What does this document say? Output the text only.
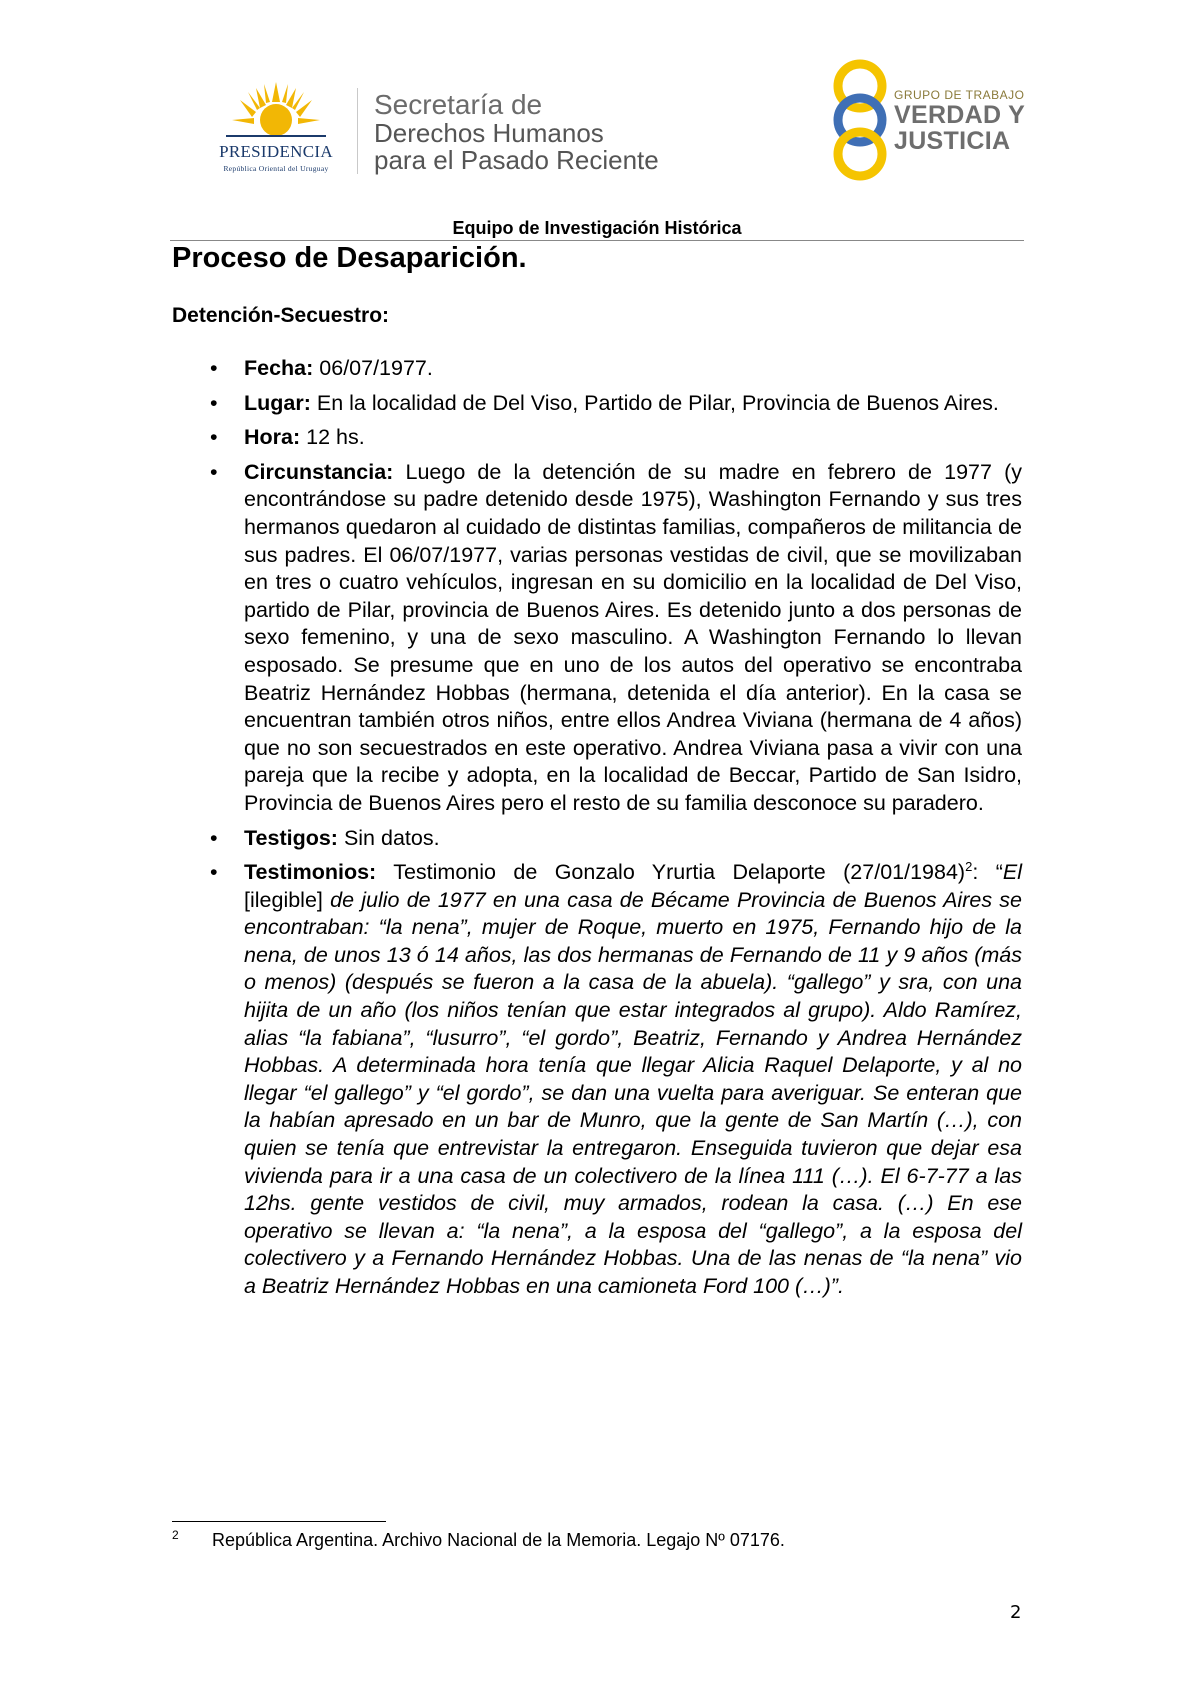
PRESIDENCIA
República Oriental del Uruguay
Secretaría de
Derechos Humanos
para el Pasado Reciente
GRUPO DE TRABAJO
VERDAD Y
JUSTICIA
Equipo de Investigación Histórica
Proceso de Desaparición.
Detención-Secuestro:
• Fecha: 06/07/1977.
• Lugar: En la localidad de Del Viso, Partido de Pilar, Provincia de Buenos Aires.
• Hora: 12 hs.
• Circunstancia: Luego de la detención de su madre en febrero de 1977 (y encontrándose su padre detenido desde 1975), Washington Fernando y sus tres hermanos quedaron al cuidado de distintas familias, compañeros de militancia de sus padres. El 06/07/1977, varias personas vestidas de civil, que se movilizaban en tres o cuatro vehículos, ingresan en su domicilio en la localidad de Del Viso, partido de Pilar, provincia de Buenos Aires. Es detenido junto a dos personas de sexo femenino, y una de sexo masculino. A Washington Fernando lo llevan esposado. Se presume que en uno de los autos del operativo se encontraba Beatriz Hernández Hobbas (hermana, detenida el día anterior). En la casa se encuentran también otros niños, entre ellos Andrea Viviana (hermana de 4 años) que no son secuestrados en este operativo. Andrea Viviana pasa a vivir con una pareja que la recibe y adopta, en la localidad de Beccar, Partido de San Isidro, Provincia de Buenos Aires pero el resto de su familia desconoce su paradero.
• Testigos: Sin datos.
• Testimonios: Testimonio de Gonzalo Yrurtia Delaporte $(27/01/1984)^2$: “El [ilegible] de julio de 1977 en una casa de Bécame Provincia de Buenos Aires se encontraban: “la nena”, mujer de Roque, muerto en 1975, Fernando hijo de la nena, de unos 13 ó 14 años, las dos hermanas de Fernando de 11 y 9 años (más o menos) (después se fueron a la casa de la abuela). “gallego” y sra, con una hijita de un año (los niños tenían que estar integrados al grupo). Aldo Ramírez, alias “la fabiana”, “lusurro”, “el gordo”, Beatriz, Fernando y Andrea Hernández Hobbas. A determinada hora tenía que llegar Alicia Raquel Delaporte, y al no llegar “el gallego” y “el gordo”, se dan una vuelta para averiguar. Se enteran que la habían apresado en un bar de Munro, que la gente de San Martín (…), con quien se tenía que entrevistar la entregaron. Enseguida tuvieron que dejar esa vivienda para ir a una casa de un colectivero de la línea 111 (…). El 6-7-77 a las 12hs. gente vestidos de civil, muy armados, rodean la casa. (…) En ese operativo se llevan a: “la nena”, a la esposa del “gallego”, a la esposa del colectivero y a Fernando Hernández Hobbas. Una de las nenas de “la nena” vio a Beatriz Hernández Hobbas en una camioneta Ford 100 (…)”.
2 República Argentina. Archivo Nacional de la Memoria. Legajo Nº 07176.
2
